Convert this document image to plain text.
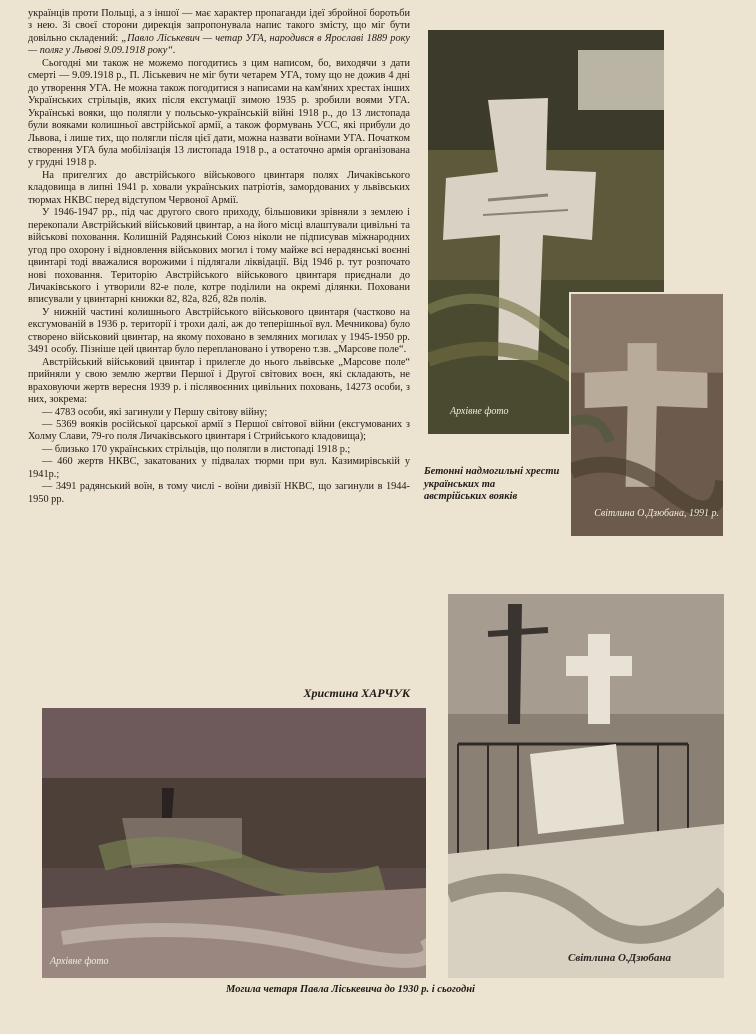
українців проти Польщі, а з іншої — має характер пропаганди ідеї збройної боротьби з нею. Зі своєї сторони дирекція запропонувала напис такого змісту, що міг бути довільно складений: „Павло Ліськевич — четар УГА, народився в Ярославі 1889 року — поляг у Львові 9.09.1918 року“.

Сьогодні ми також не можемо погодитись з цим написом, бо, виходячи з дати смерті — 9.09.1918 р., П. Ліськевич не міг бути четарем УГА, тому що не дожив 4 дні до утворення УГА. Не можна також погодитися з написами на кам'яних хрестах інших Українських стрільців, яких після ексгумації зимою 1935 р. зробили воями УГА. Українські вояки, що полягли у польсько-українській війні 1918 р., до 13 листопада були вояками колишньої австрійської армії, а також формувань УСС, які прибули до Львова, і лише тих, що полягли після цієї дати, можна назвати воїнами УГА. Початком створення УГА була мобілізація 13 листопада 1918 р., а остаточно армія організована у грудні 1918 р.

На пригелгих до австрійського військового цвинтаря полях Личаківського кладовища в липні 1941 р. ховали українських патріотів, замордованих у львівських тюрмах НКВС перед відступом Червоної Армії.

У 1946-1947 рр., під час другого свого приходу, більшовики зрівняли з землею і перекопали Австрійський військовий цвинтар, а на його місці влаштували цивільні та військові поховання. Колишній Радянський Союз ніколи не підписував міжнародних угод про охорону і відновлення військових могил і тому майже всі нерадянські воєнні цвинтарі тоді вважалися ворожими і підлягали ліквідації. Від 1946 р. тут розпочато нові поховання. Територію Австрійського військового цвинтаря приєднали до Личаківського і утворили 82-е поле, котре поділили на окремі ділянки. Поховани вписували у цвинтарні книжки 82, 82а, 82б, 82в полів.

У нижній частині колишнього Австрійського військового цвинтаря (частково на ексгумованій в 1936 р. території і трохи далі, аж до теперішньої вул. Мечникова) було створено військовий цвинтар, на якому поховано в земляних могилах у 1945-1950 рр. 3491 особу. Пізніше цей цвинтар було переплановано і утворено т.зв. „Марсове поле“.

Австрійський військовий цвинтар і прилегле до нього львівське „Марсове поле“ прийняли у свою землю жертви Першої і Другої світових воєн, які складають, не враховуючи жертв вересня 1939 р. і післявоєнних цивільних поховань, 14273 особи, з них, зокрема:

— 4783 особи, які загинули у Першу світову війну;

— 5369 вояків російської царської армії з Першої світової війни (ексгумованих з Холму Слави, 79-го поля Личаківського цвинтаря і Стрийського кладовища);

— близько 170 українських стрільців, що полягли в листопаді 1918 р.;

— 460 жертв НКВС, закатованих у підвалах тюрми при вул. Казимирівській у 1941р.;

— 3491 радянський воїн, в тому числі - воїни дивізії НКВС, що загинули в 1944-1950 рр.

Христина ХАРЧУК
Архівне фото
Світлина О.Дзюбана, 1991 р.
Бетонні надмогильні хрести українських та австрійських вояків
Світлина О.Дзюбана
Архівне фото
Могила четаря Павла Ліськевича до 1930 р. і сьогодні
